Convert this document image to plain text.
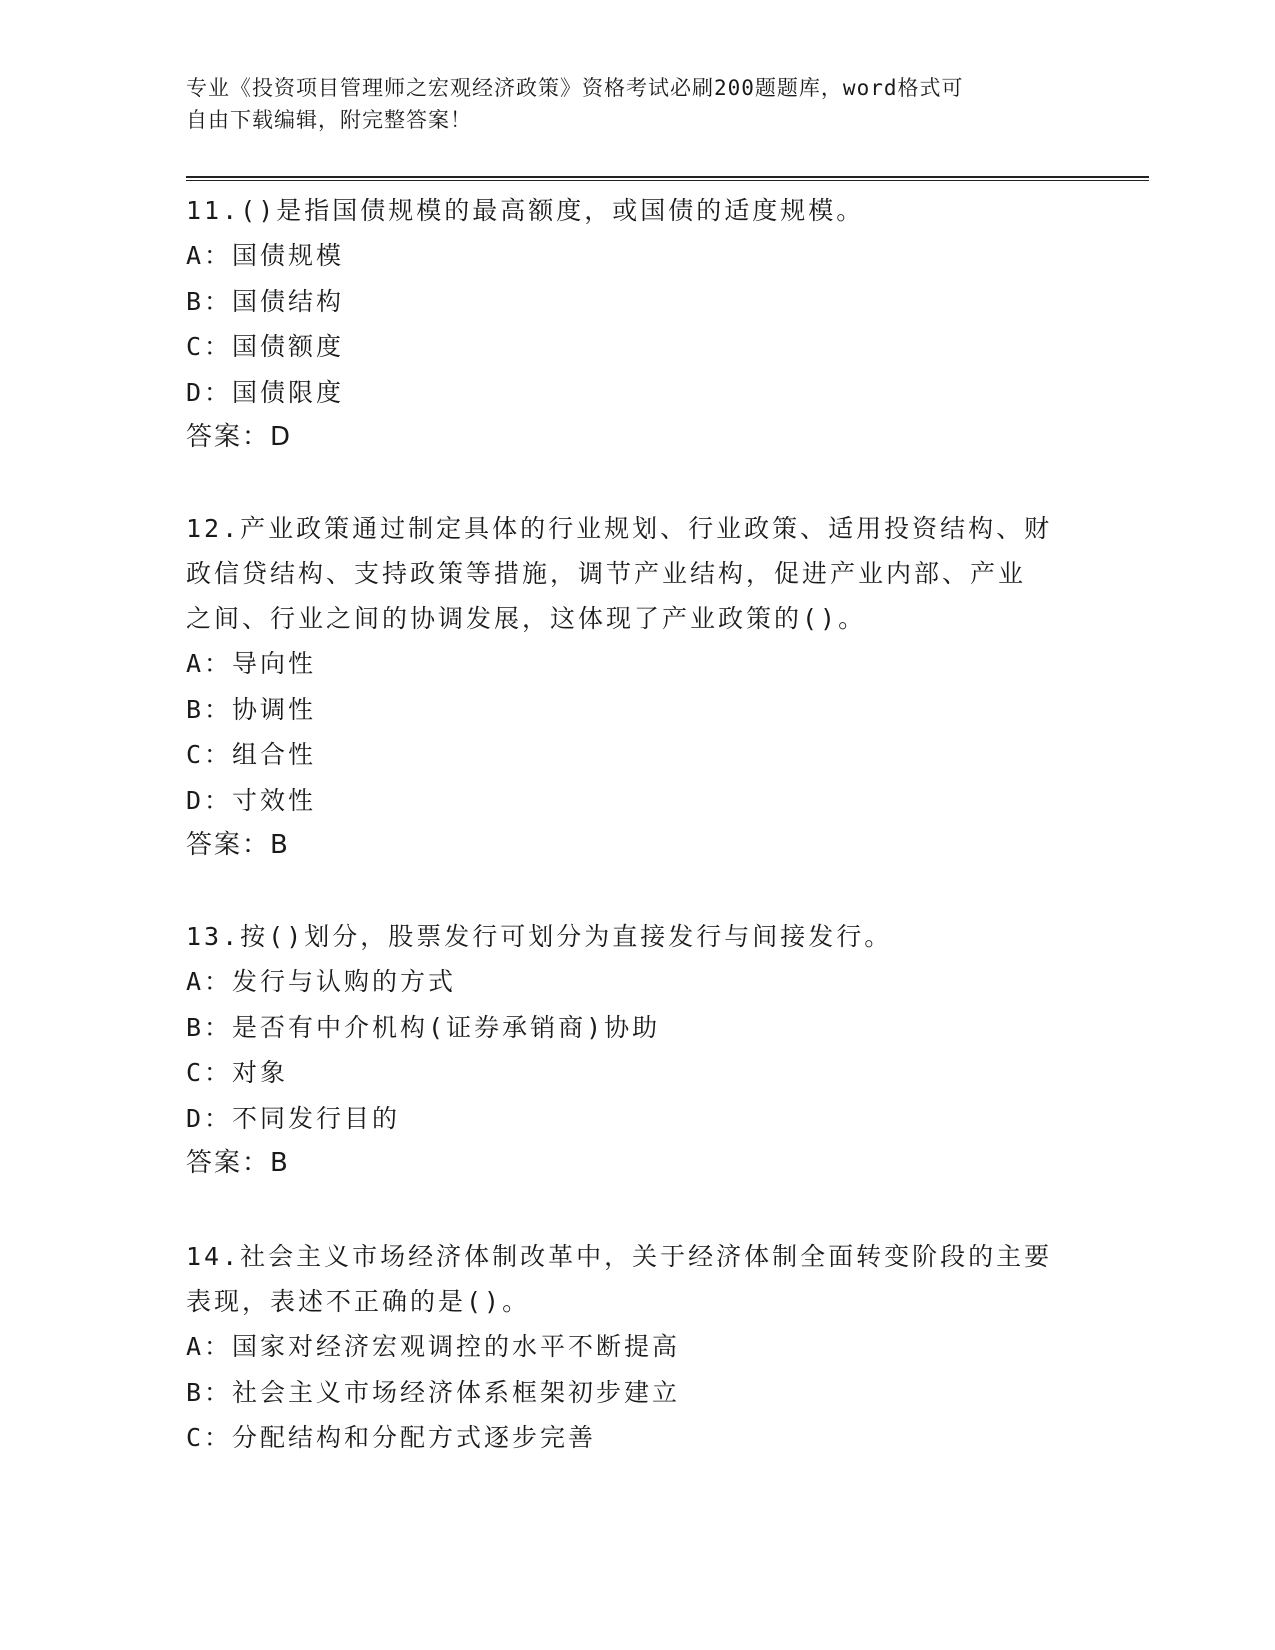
专业《投资项目管理师之宏观经济政策》资格考试必刷200题题库，word格式可
自由下载编辑，附完整答案！
11.()是指国债规模的最高额度，或国债的适度规模。
A：国债规模
B：国债结构
C：国债额度
D：国债限度
答案：D
12.产业政策通过制定具体的行业规划、行业政策、适用投资结构、财
政信贷结构、支持政策等措施，调节产业结构，促进产业内部、产业
之间、行业之间的协调发展，这体现了产业政策的()。
A：导向性
B：协调性
C：组合性
D：寸效性
答案：B
13.按()划分，股票发行可划分为直接发行与间接发行。
A：发行与认购的方式
B：是否有中介机构(证券承销商)协助
C：对象
D：不同发行目的
答案：B
14.社会主义市场经济体制改革中，关于经济体制全面转变阶段的主要
表现，表述不正确的是()。
A：国家对经济宏观调控的水平不断提高
B：社会主义市场经济体系框架初步建立
C：分配结构和分配方式逐步完善
